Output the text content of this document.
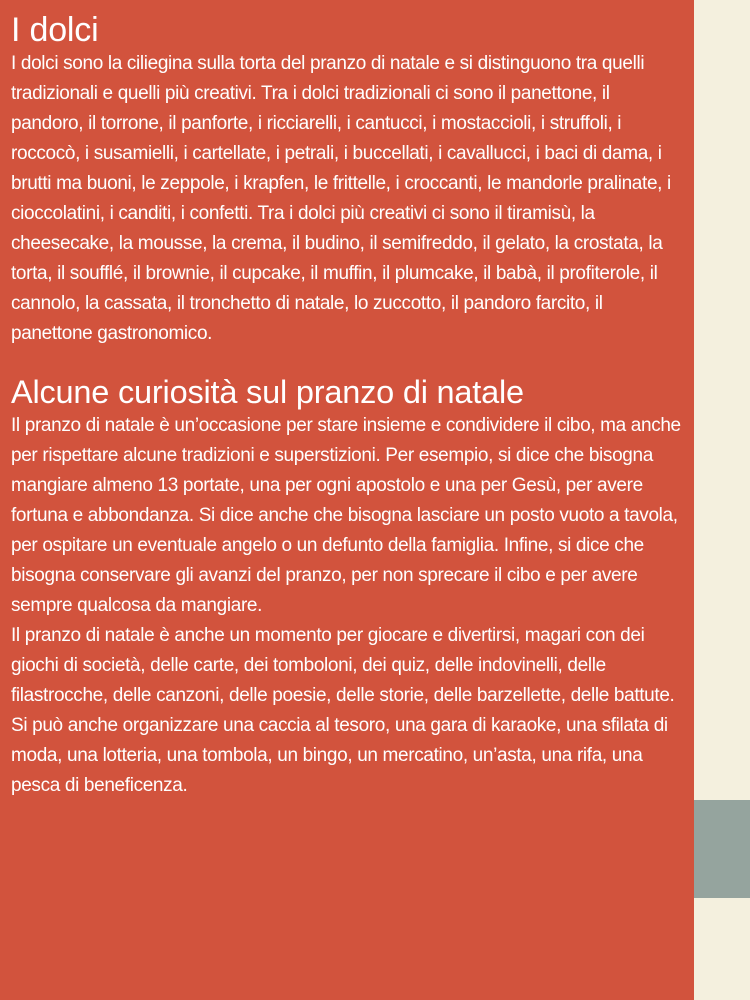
I dolci

I dolci sono la ciliegina sulla torta del pranzo di natale e si distinguono tra quelli tradizionali e quelli più creativi. Tra i dolci tradizionali ci sono il panettone, il pandoro, il torrone, il panforte, i ricciarelli, i cantucci, i mostaccioli, i struffoli, i roccocò, i susamielli, i cartellate, i petrali, i buccellati, i cavallucci, i baci di dama, i brutti ma buoni, le zeppole, i krapfen, le frittelle, i croccanti, le mandorle pralinate, i cioccolatini, i canditi, i confetti. Tra i dolci più creativi ci sono il tiramisù, la cheesecake, la mousse, la crema, il budino, il semifreddo, il gelato, la crostata, la torta, il soufflé, il brownie, il cupcake, il muffin, il plumcake, il babà, il profiterole, il cannolo, la cassata, il tronchetto di natale, lo zuccotto, il pandoro farcito, il panettone gastronomico.

Alcune curiosità sul pranzo di natale

Il pranzo di natale è un’occasione per stare insieme e condividere il cibo, ma anche per rispettare alcune tradizioni e superstizioni. Per esempio, si dice che bisogna mangiare almeno 13 portate, una per ogni apostolo e una per Gesù, per avere fortuna e abbondanza. Si dice anche che bisogna lasciare un posto vuoto a tavola, per ospitare un eventuale angelo o un defunto della famiglia. Infine, si dice che bisogna conservare gli avanzi del pranzo, per non sprecare il cibo e per avere sempre qualcosa da mangiare.

Il pranzo di natale è anche un momento per giocare e divertirsi, magari con dei giochi di società, delle carte, dei tomboloni, dei quiz, delle indovinelli, delle filastrocche, delle canzoni, delle poesie, delle storie, delle barzellette, delle battute. Si può anche organizzare una caccia al tesoro, una gara di karaoke, una sfilata di moda, una lotteria, una tombola, un bingo, un mercatino, un’asta, una rifa, una pesca di beneficenza.
